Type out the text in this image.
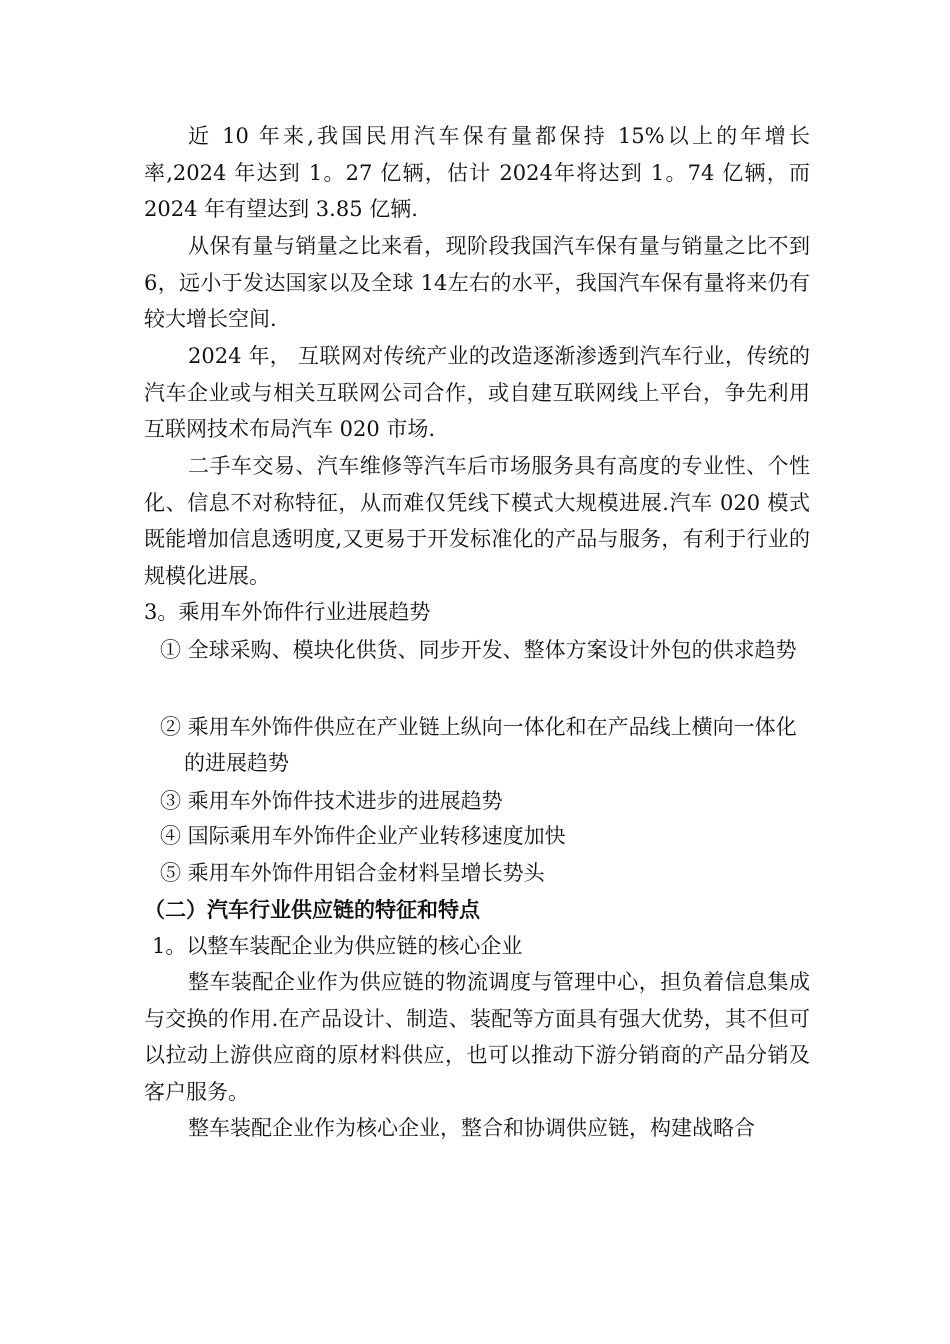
近 10 年来,我国民用汽车保有量都保持 15%以上的年增长率,2024 年达到 1。27 亿辆，估计 2024年将达到 1。74 亿辆，而 2024 年有望达到 3.85 亿辆.

从保有量与销量之比来看，现阶段我国汽车保有量与销量之比不到 6，远小于发达国家以及全球 14左右的水平，我国汽车保有量将来仍有较大增长空间.

2024 年， 互联网对传统产业的改造逐渐渗透到汽车行业，传统的汽车企业或与相关互联网公司合作，或自建互联网线上平台，争先利用互联网技术布局汽车 020 市场.

二手车交易、汽车维修等汽车后市场服务具有高度的专业性、个性化、信息不对称特征，从而难仅凭线下模式大规模进展.汽车 020 模式既能增加信息透明度,又更易于开发标准化的产品与服务，有利于行业的规模化进展。

3。乘用车外饰件行业进展趋势

① 全球采购、模块化供货、同步开发、整体方案设计外包的供求趋势

② 乘用车外饰件供应在产业链上纵向一体化和在产品线上横向一体化的进展趋势

③ 乘用车外饰件技术进步的进展趋势

④ 国际乘用车外饰件企业产业转移速度加快

⑤ 乘用车外饰件用铝合金材料呈增长势头

（二）汽车行业供应链的特征和特点

1。以整车装配企业为供应链的核心企业

整车装配企业作为供应链的物流调度与管理中心，担负着信息集成与交换的作用.在产品设计、制造、装配等方面具有强大优势，其不但可以拉动上游供应商的原材料供应，也可以推动下游分销商的产品分销及客户服务。

整车装配企业作为核心企业，整合和协调供应链，构建战略合
